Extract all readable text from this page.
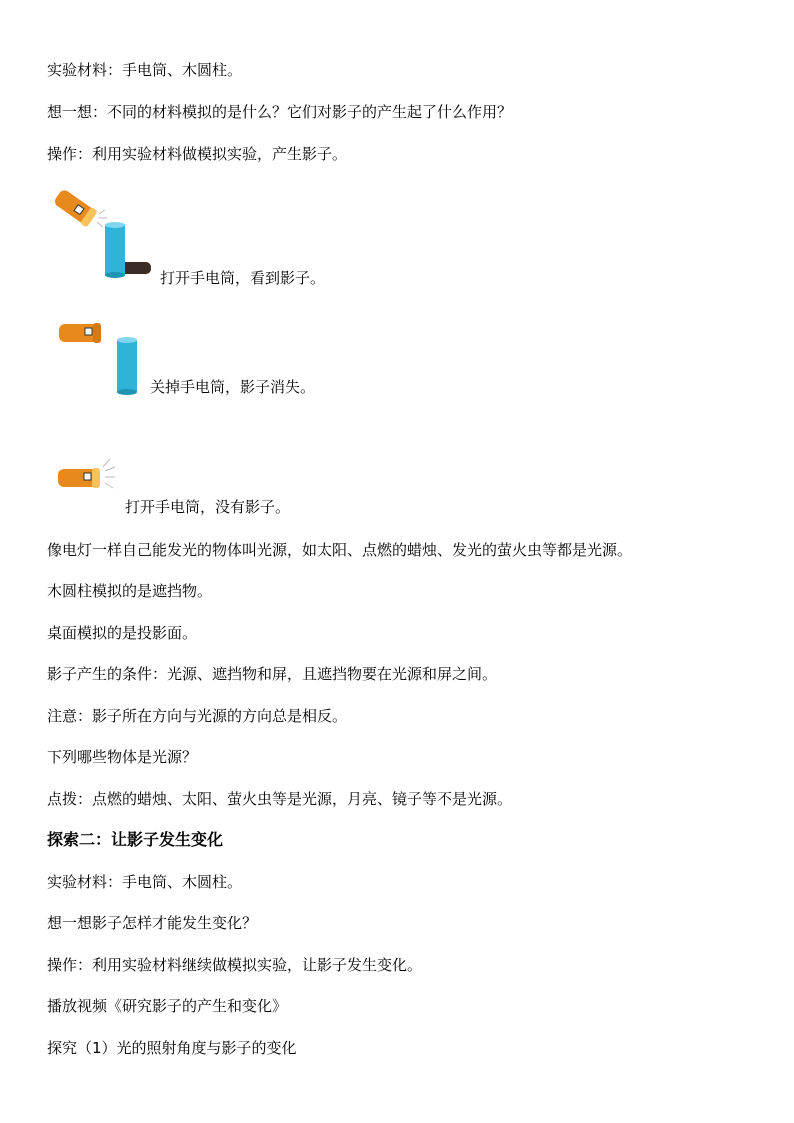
实验材料：手电筒、木圆柱。
想一想：不同的材料模拟的是什么？它们对影子的产生起了什么作用？
操作：利用实验材料做模拟实验，产生影子。
打开手电筒，看到影子。
关掉手电筒，影子消失。
打开手电筒，没有影子。
像电灯一样自己能发光的物体叫光源，如太阳、点燃的蜡烛、发光的萤火虫等都是光源。
木圆柱模拟的是遮挡物。
桌面模拟的是投影面。
影子产生的条件：光源、遮挡物和屏，且遮挡物要在光源和屏之间。
注意：影子所在方向与光源的方向总是相反。
下列哪些物体是光源？
点拨：点燃的蜡烛、太阳、萤火虫等是光源，月亮、镜子等不是光源。
探索二：让影子发生变化
实验材料：手电筒、木圆柱。
想一想影子怎样才能发生变化？
操作：利用实验材料继续做模拟实验，让影子发生变化。
播放视频《研究影子的产生和变化》
探究（1）光的照射角度与影子的变化
